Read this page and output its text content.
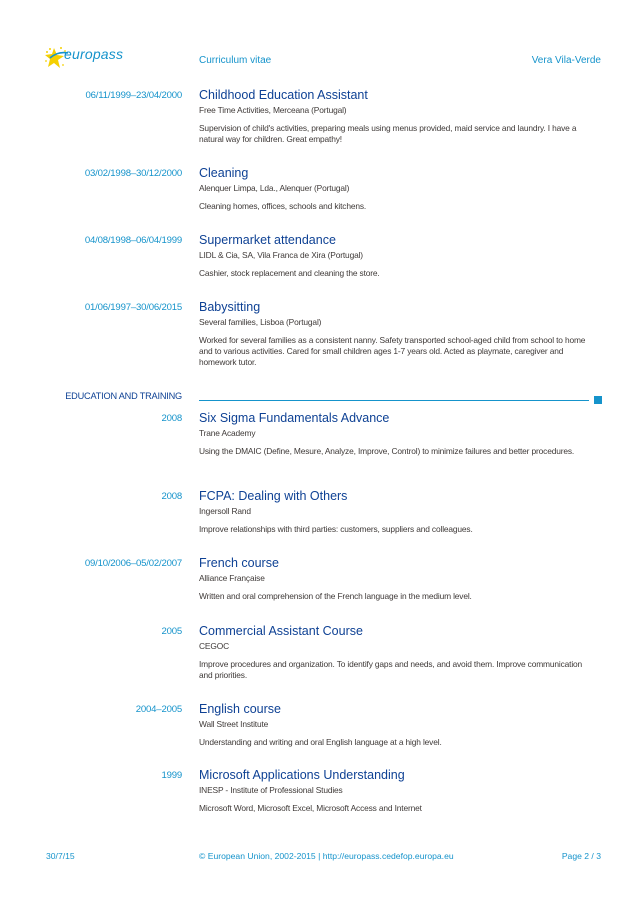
europass	Curriculum vitae	Vera Vila-Verde
06/11/1999–23/04/2000 Childhood Education Assistant
Free Time Activities, Merceana (Portugal)
Supervision of child's activities, preparing meals using menus provided, maid service and laundry. I have a natural way for children. Great empathy!
03/02/1998–30/12/2000 Cleaning
Alenquer Limpa, Lda., Alenquer (Portugal)
Cleaning homes, offices, schools and kitchens.
04/08/1998–06/04/1999 Supermarket attendance
LIDL & Cia, SA, Vila Franca de Xira (Portugal)
Cashier, stock replacement and cleaning the store.
01/06/1997–30/06/2015 Babysitting
Several families, Lisboa (Portugal)
Worked for several families as a consistent nanny. Safety transported school-aged child from school to home and to various activities. Cared for small children ages 1-7 years old. Acted as playmate, caregiver and homework tutor.
EDUCATION AND TRAINING
2008 Six Sigma Fundamentals Advance
Trane Academy
Using the DMAIC (Define, Mesure, Analyze, Improve, Control) to minimize failures and better procedures.
2008 FCPA: Dealing with Others
Ingersoll Rand
Improve relationships with third parties: customers, suppliers and colleagues.
09/10/2006–05/02/2007 French course
Alliance Française
Written and oral comprehension of the French language in the medium level.
2005 Commercial Assistant Course
CEGOC
Improve procedures and organization. To identify gaps and needs, and avoid them. Improve communication and priorities.
2004–2005 English course
Wall Street Institute
Understanding and writing and oral English language at a high level.
1999 Microsoft Applications Understanding
INESP - Institute of Professional Studies
Microsoft Word, Microsoft Excel, Microsoft Access and Internet
30/7/15	© European Union, 2002-2015 | http://europass.cedefop.europa.eu	Page 2 / 3
